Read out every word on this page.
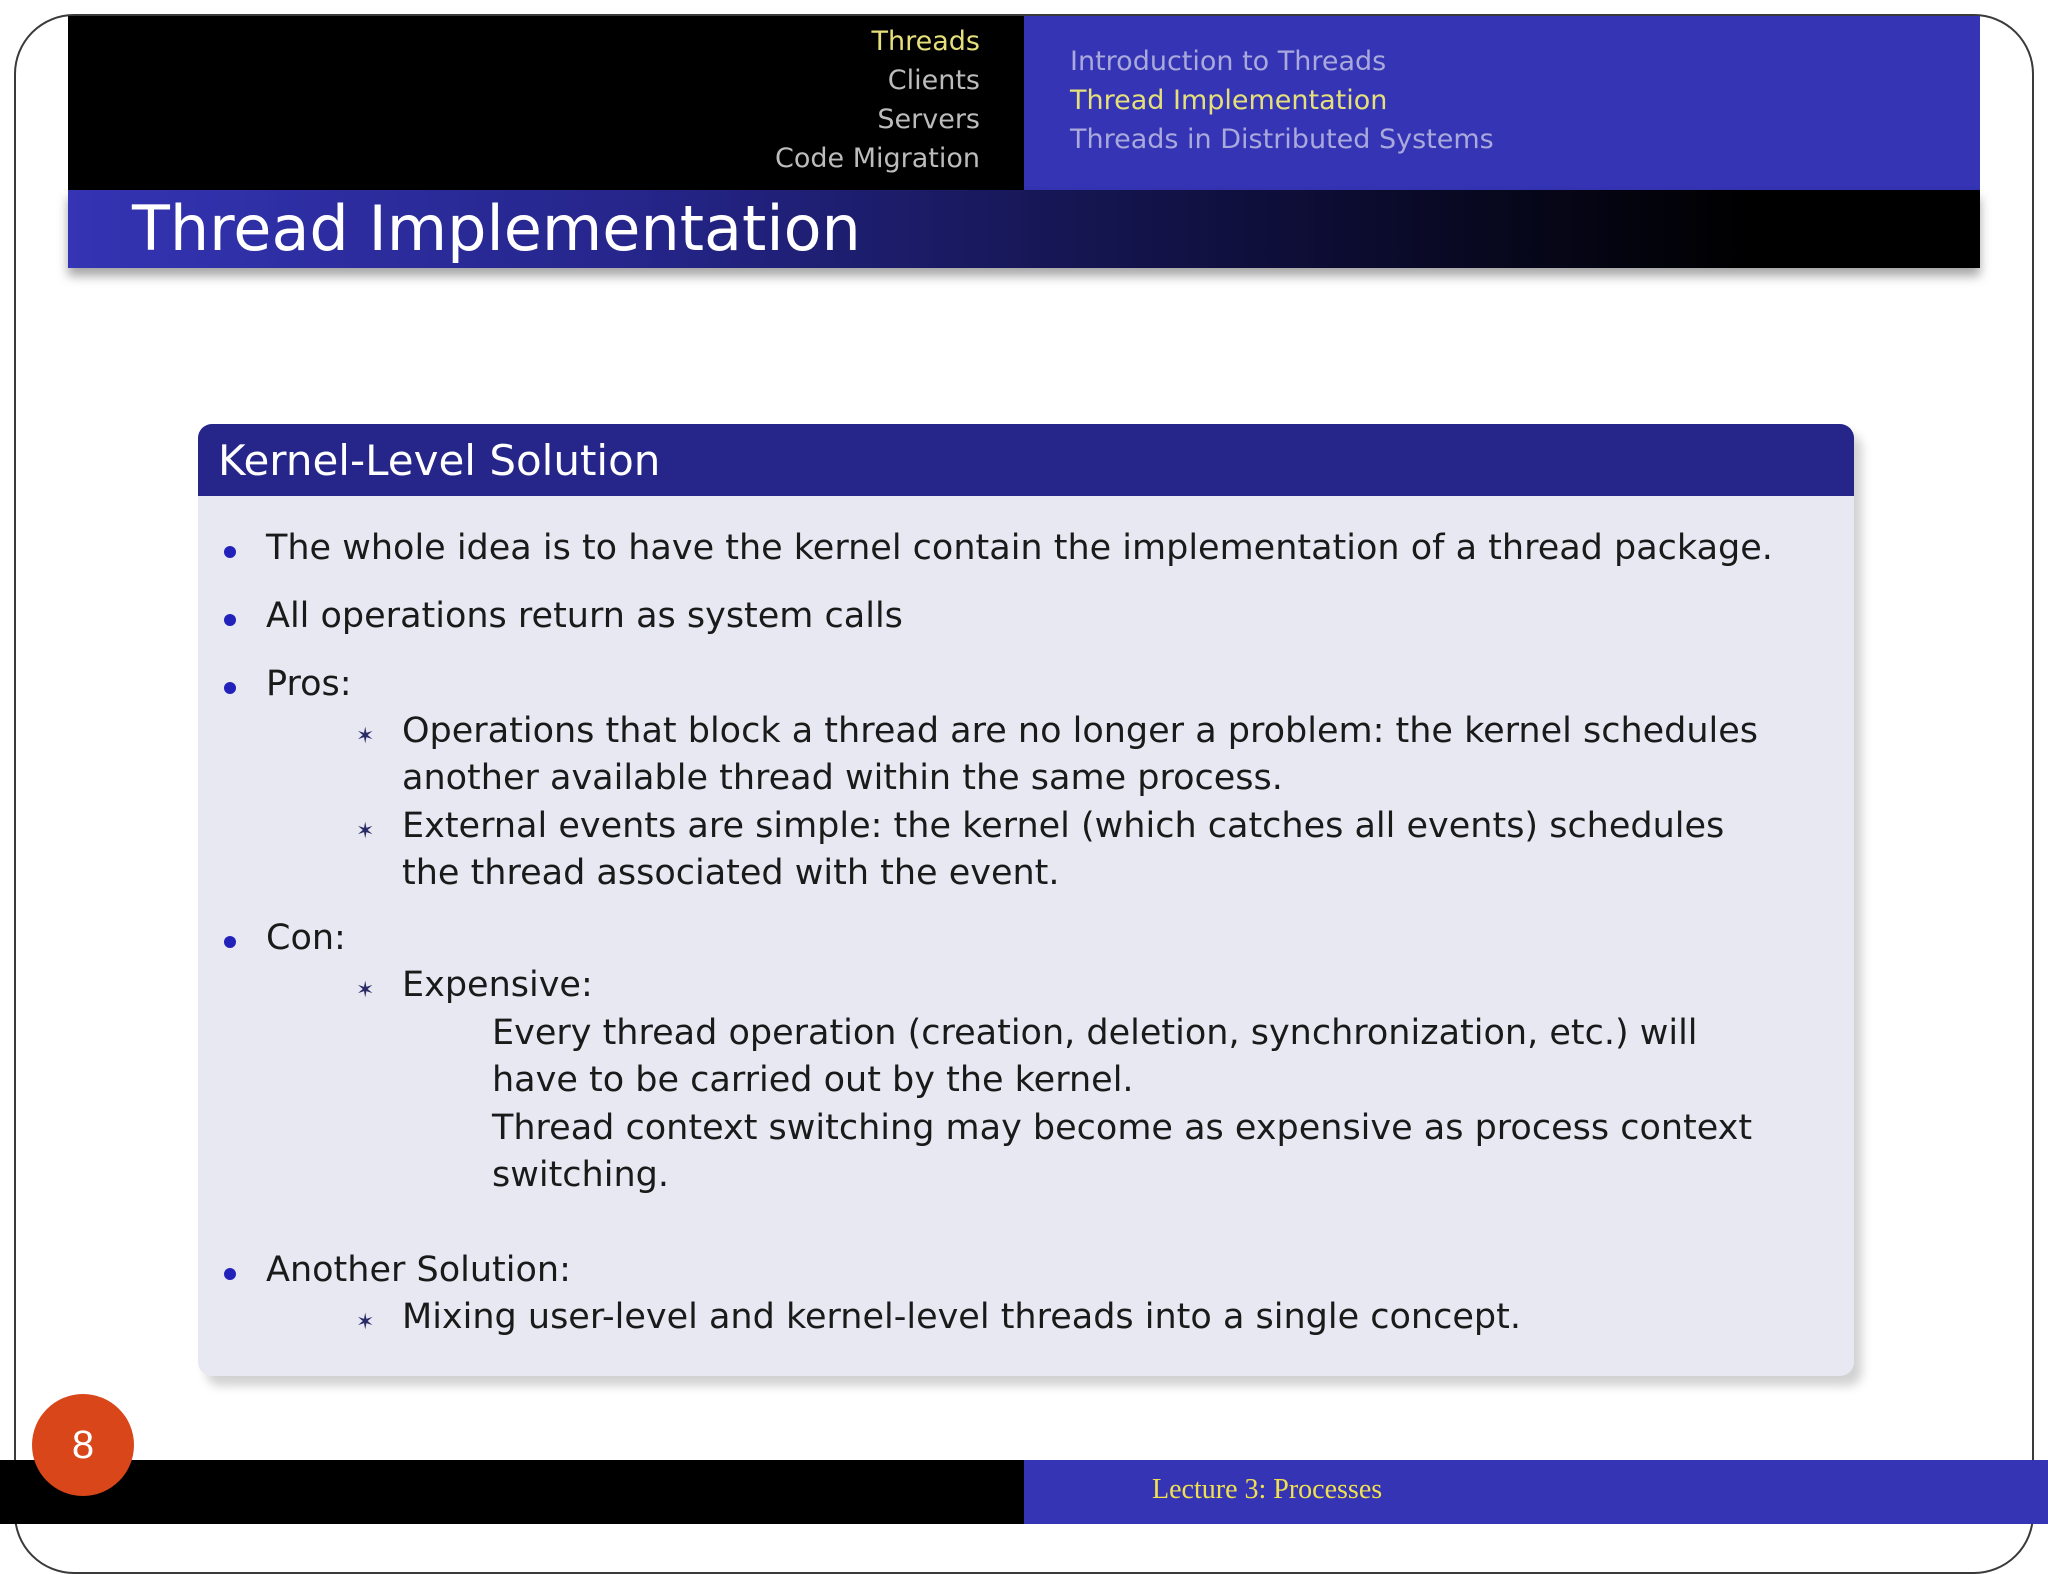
Threads
Clients
Servers
Code Migration
Introduction to Threads
Thread Implementation
Threads in Distributed Systems
Thread Implementation
Kernel-Level Solution
The whole idea is to have the kernel contain the implementation of a thread package.
All operations return as system calls
Pros:
✶ Operations that block a thread are no longer a problem: the kernel schedules
another available thread within the same process.
✶ External events are simple: the kernel (which catches all events) schedules
the thread associated with the event.
Con:
✶ Expensive:
Every thread operation (creation, deletion, synchronization, etc.) will
have to be carried out by the kernel.
Thread context switching may become as expensive as process context
switching.
Another Solution:
✶ Mixing user-level and kernel-level threads into a single concept.
Lecture 3: Processes
8
